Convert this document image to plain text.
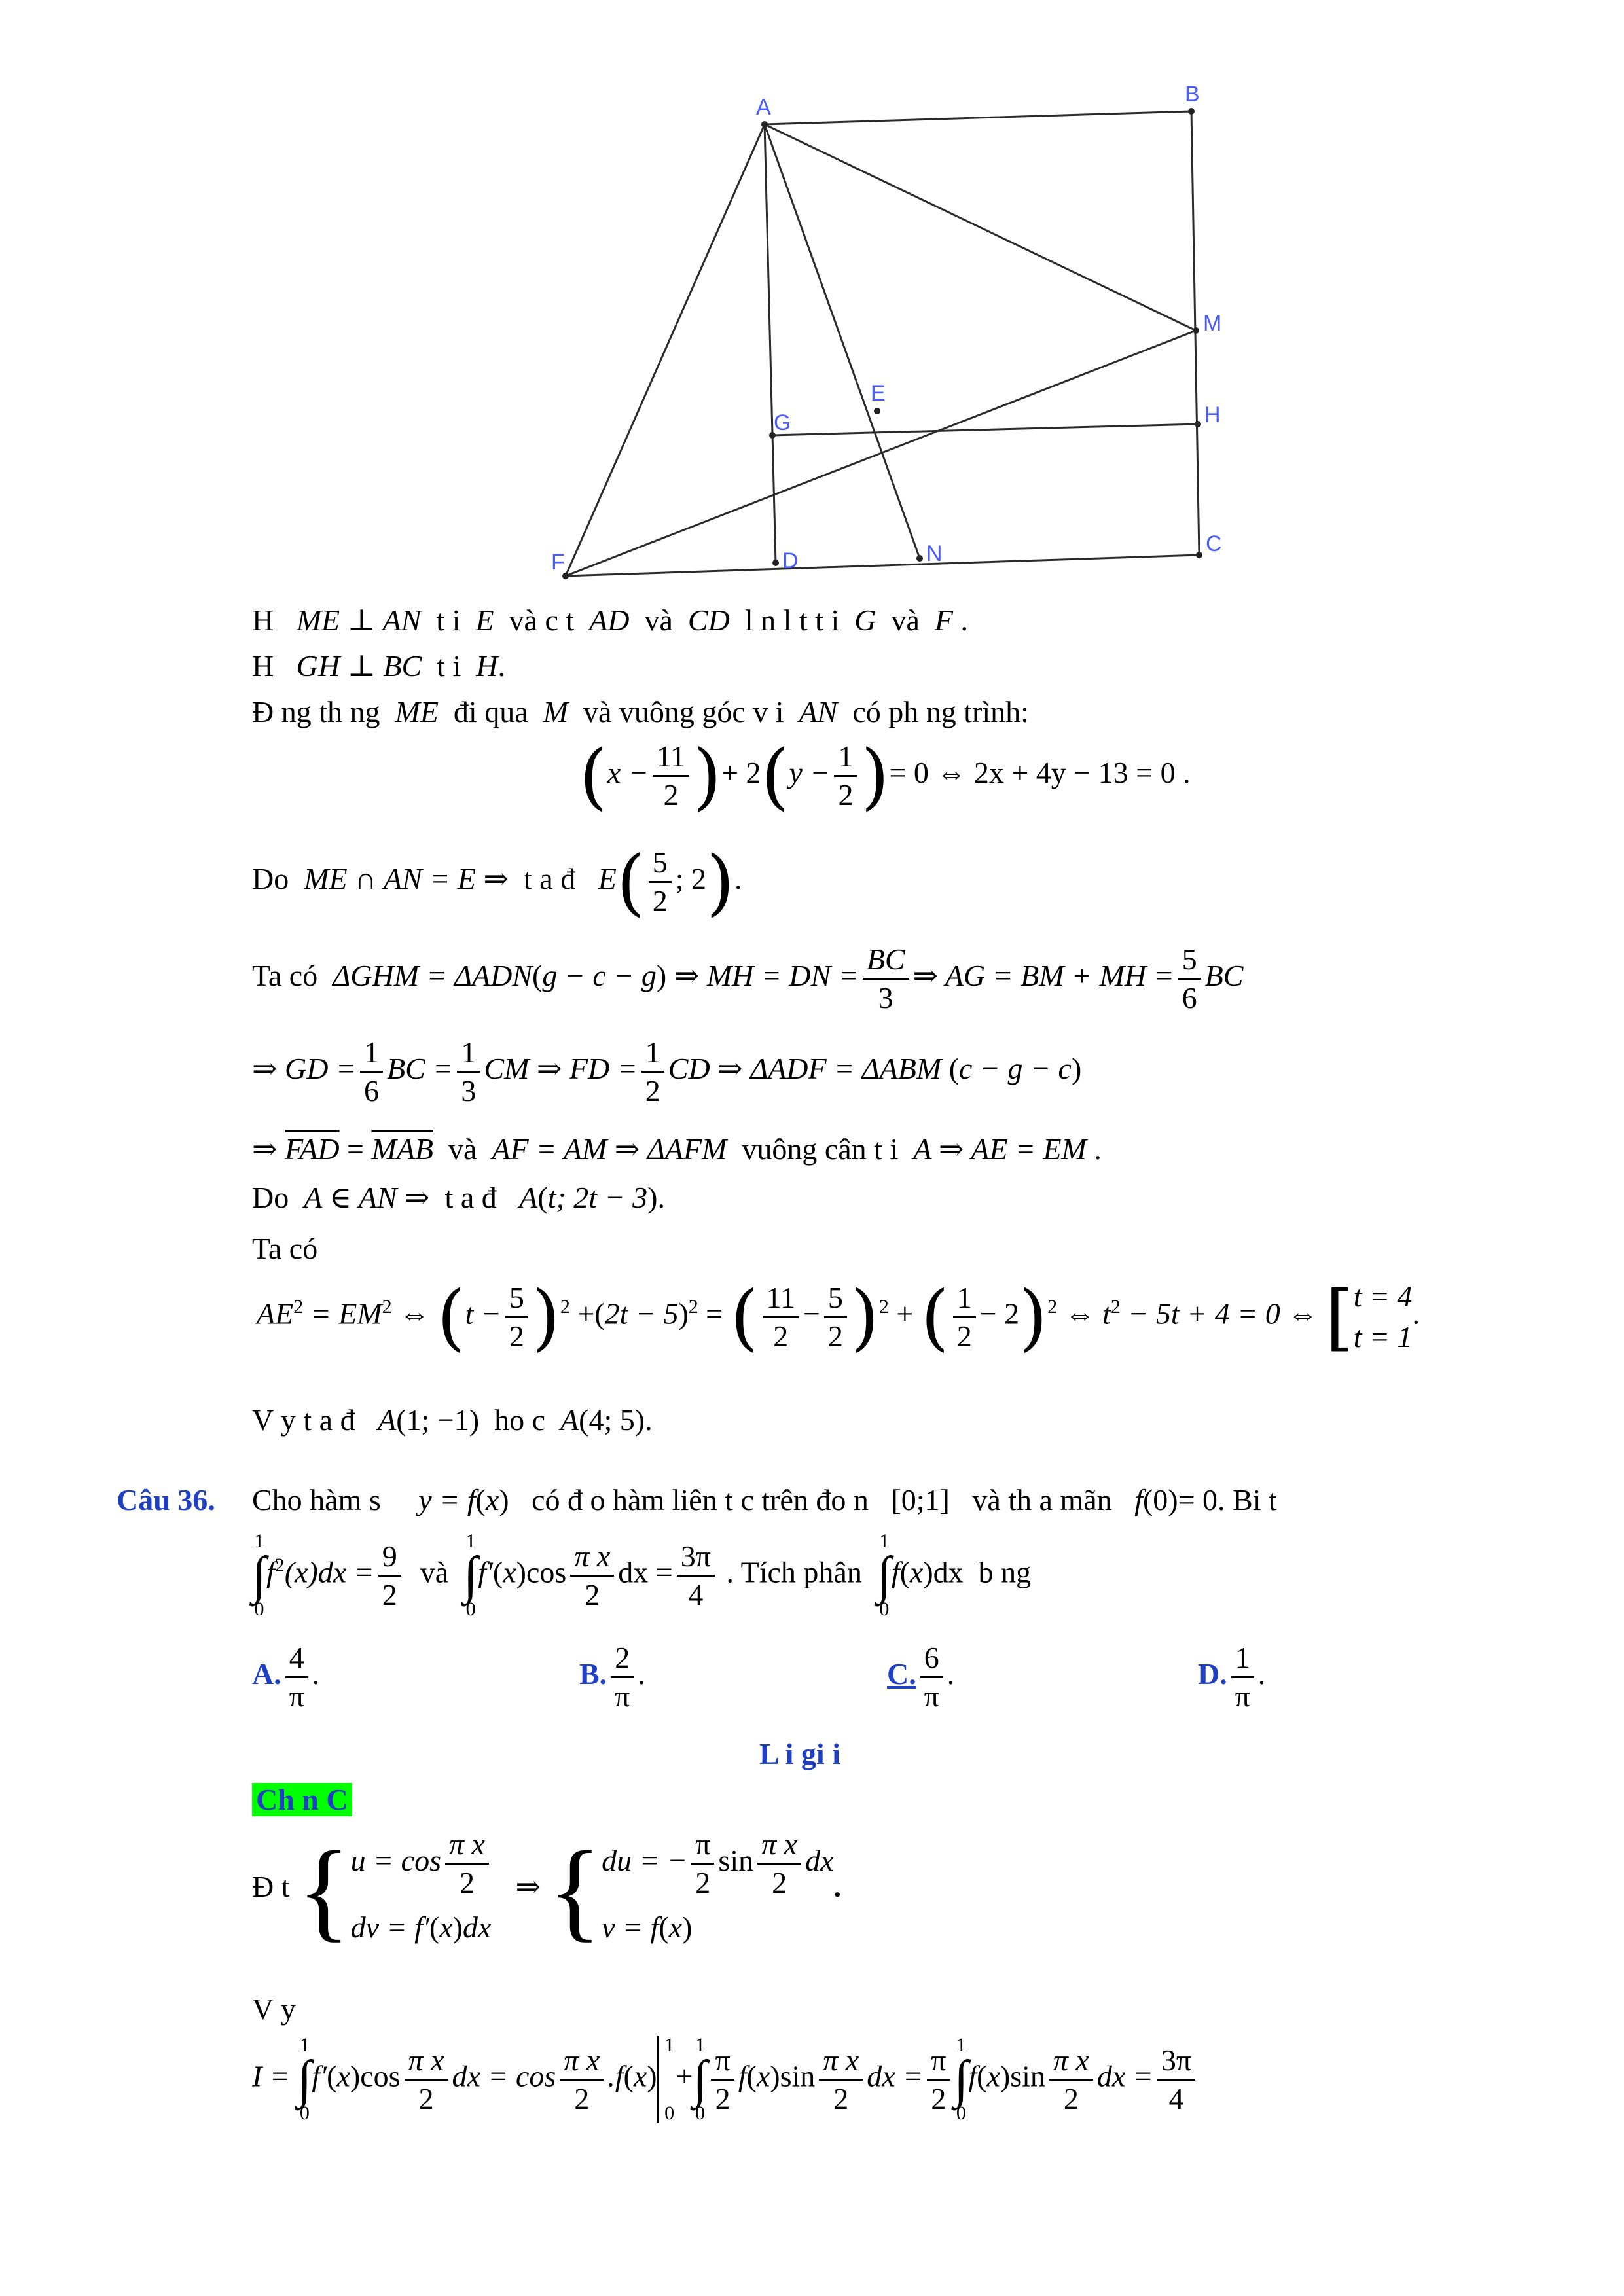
A
B
M
E
G	H
C
F	D	N
H ME ⊥ AN t i E và c t AD và CD l n l t t i G và F .
H GH ⊥ BC t i H.
Đ ng th ng ME đi qua M và vuông góc v i AN có ph ng trình:
($x - \frac{11}{2}$ )+ $2(y - \frac{1}{2}$ )= 0 ⇔ 2x + 4y − 13 = 0 .
Do ME ∩ AN = E ⇒ t a đ $E( \frac{5}{2}$ ; 2).
Ta có ΔGHM = ΔADN(g − c − g) ⇒ MH = DN = $\frac{BC}{3}$ ⇒ AG = BM + MH = $\frac{5}{6}$ BC
⇒ GD = $\frac{1}{6}$ BC = $\frac{1}{3}$ CM ⇒ FD = $\frac{1}{2}$ CD ⇒ ΔADF = ΔABM (c − g − c)
⇒ $\overline{FAD} = \overline{MAB}$ và AF = AM ⇒ ΔAFM vuông cân t i A ⇒ AE = EM .
Do A ∈ AN ⇒ t a đ A(t; 2t − 3).
Ta có
$AE^2 = EM^2$ ⇔ $(t - \frac{5}{2} )^2 +(2t - 5)^2$ = ( $\frac{11}{2} - \frac{5}{2} )^2$ + ( $\frac{1}{2} - 2)^2$ ⇔ $t^2 - 5t + 4 = 0$ ⇔ [ t = 4
t = 1
.
V y t a đ A(1; −1)  ho c A(4; 5).
Câu 36. Cho hàm s y = f(x)   có đ o hàm liên t c trên đo n   [0;1]   và th a mãn f(0)= 0. Bi t
1
∫
0
$f^2(x)dx = \frac{9}{2}$ và
1
∫
0
$f'(x)\cos \frac{\text{π x}}{2}$ dx = $\frac{3\pi}{4}$ . Tích phân
1
∫
0
f(x)dx b ng
A. $\frac{4}{\pi}$ .	B. $\frac{2}{\pi}$ .	C. $\frac{6}{\pi}$ .	D. $\frac{1}{\pi}$ .
L i gi i
Ch n C
Đ t { $u = \cos \frac{\text{π x}}{2}$
dv = f′(x)dx
⇒ { du = − $\frac{\pi}{2}$ $\sin \frac{\text{π x}}{2}$ dx
v = f(x)
.
V y
I =
1
∫
0
$f'(x)\cos \frac{\text{π x}}{2}$ dx = $\cos \frac{\text{π x}}{2} .f(x)$
1

0
+
1
∫
$0 \frac{\pi}{2} f(x)\sin \frac{\text{π x}}{2}$ dx = $\frac{\pi}{2} 1$
∫
0
$f(x)\sin \frac{\text{π x}}{2}$ dx = $\frac{3\pi}{4}$
